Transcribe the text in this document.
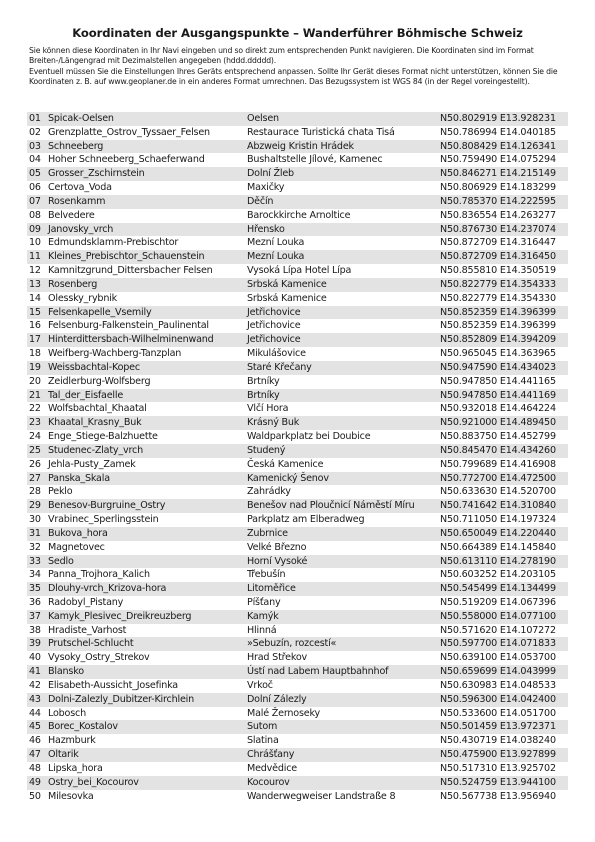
Koordinaten der Ausgangspunkte – Wanderführer Böhmische Schweiz

Sie können diese Koordinaten in Ihr Navi eingeben und so direkt zum entsprechenden Punkt navigieren. Die Koordinaten sind im Format Breiten-/Längengrad mit Dezimalstellen angegeben (hddd.ddddd).

Eventuell müssen Sie die Einstellungen Ihres Geräts entsprechend anpassen. Sollte Ihr Gerät dieses Format nicht unterstützen, können Sie die Koordinaten z. B. auf www.geoplaner.de in ein anderes Format umrechnen. Das Bezugssystem ist WGS 84 (in der Regel voreingestellt).

01 Spicak-Oelsen	Oelsen	N50.802919 E13.928231
02 Grenzplatte_Ostrov_Tyssaer_Felsen	Restaurace Turistická chata Tisá	N50.786994 E14.040185
03 Schneeberg	Abzweig Kristin Hrádek	N50.808429 E14.126341
04 Hoher Schneeberg_Schaeferwand	Bushaltstelle Jílové, Kamenec	N50.759490 E14.075294
05 Grosser_Zschirnstein	Dolní Žleb	N50.846271 E14.215149
06 Certova_Voda	Maxičky	N50.806929 E14.183299
07 Rosenkamm	Děčín	N50.785370 E14.222595
08 Belvedere	Barockkirche Arnoltice	N50.836554 E14.263277
09 Janovsky_vrch	Hřensko	N50.876730 E14.237074
10 Edmundsklamm-Prebischtor	Mezní Louka	N50.872709 E14.316447
11 Kleines_Prebischtor_Schauenstein	Mezní Louka	N50.872709 E14.316450
12 Kamnitzgrund_Dittersbacher Felsen	Vysoká Lípa Hotel Lípa	N50.855810 E14.350519
13 Rosenberg	Srbská Kamenice	N50.822779 E14.354333
14 Olessky_rybnik	Srbská Kamenice	N50.822779 E14.354330
15 Felsenkapelle_Vsemily	Jetřichovice	N50.852359 E14.396399
16 Felsenburg-Falkenstein_Paulinental	Jetřichovice	N50.852359 E14.396399
17 Hinterdittersbach-Wilhelminenwand	Jetřichovice	N50.852809 E14.394209
18 Weifberg-Wachberg-Tanzplan	Mikulášovice	N50.965045 E14.363965
19 Weissbachtal-Kopec	Staré Křečany	N50.947590 E14.434023
20 Zeidlerburg-Wolfsberg	Brtníky	N50.947850 E14.441165
21 Tal_der_Eisfaelle	Brtníky	N50.947850 E14.441169
22 Wolfsbachtal_Khaatal	Vlčí Hora	N50.932018 E14.464224
23 Khaatal_Krasny_Buk	Krásný Buk	N50.921000 E14.489450
24 Enge_Stiege-Balzhuette	Waldparkplatz bei Doubice	N50.883750 E14.452799
25 Studenec-Zlaty_vrch	Studený	N50.845470 E14.434260
26 Jehla-Pusty_Zamek	Česká Kamenice	N50.799689 E14.416908
27 Panska_Skala	Kamenický Šenov	N50.772700 E14.472500
28 Peklo	Zahrádky	N50.633630 E14.520700
29 Benesov-Burgruine_Ostry	Benešov nad Ploučnicí Náměstí Míru	N50.741642 E14.310840
30 Vrabinec_Sperlingsstein	Parkplatz am Elberadweg	N50.711050 E14.197324
31 Bukova_hora	Zubrnice	N50.650049 E14.220440
32 Magnetovec	Velké Březno	N50.664389 E14.145840
33 Sedlo	Horní Vysoké	N50.613110 E14.278190
34 Panna_Trojhora_Kalich	Třebušín	N50.603252 E14.203105
35 Dlouhy-vrch_Krizova-hora	Litoměřice	N50.545499 E14.134499
36 Radobyl_Pistany	Píšťany	N50.519209 E14.067396
37 Kamyk_Plesivec_Dreikreuzberg	Kamýk	N50.558000 E14.077100
38 Hradiste_Varhost	Hlinná	N50.571620 E14.107272
39 Prutschel-Schlucht	»Sebuzín, rozcestí«	N50.597700 E14.071833
40 Vysoky_Ostry_Strekov	Hrad Střekov	N50.639100 E14.053700
41 Blansko	Ústí nad Labem Hauptbahnhof	N50.659699 E14.043999
42 Elisabeth-Aussicht_Josefinka	Vrkoč	N50.630983 E14.048533
43 Dolni-Zalezly_Dubitzer-Kirchlein	Dolní Zálezly	N50.596300 E14.042400
44 Lobosch	Malé Žernoseky	N50.533600 E14.051700
45 Borec_Kostalov	Sutom	N50.501459 E13.972371
46 Hazmburk	Slatina	N50.430719 E14.038240
47 Oltarik	Chrášťany	N50.475900 E13.927899
48 Lipska_hora	Medvědice	N50.517310 E13.925702
49 Ostry_bei_Kocourov	Kocourov	N50.524759 E13.944100
50 Milesovka	Wanderwegweiser Landstraße 8	N50.567738 E13.956940
